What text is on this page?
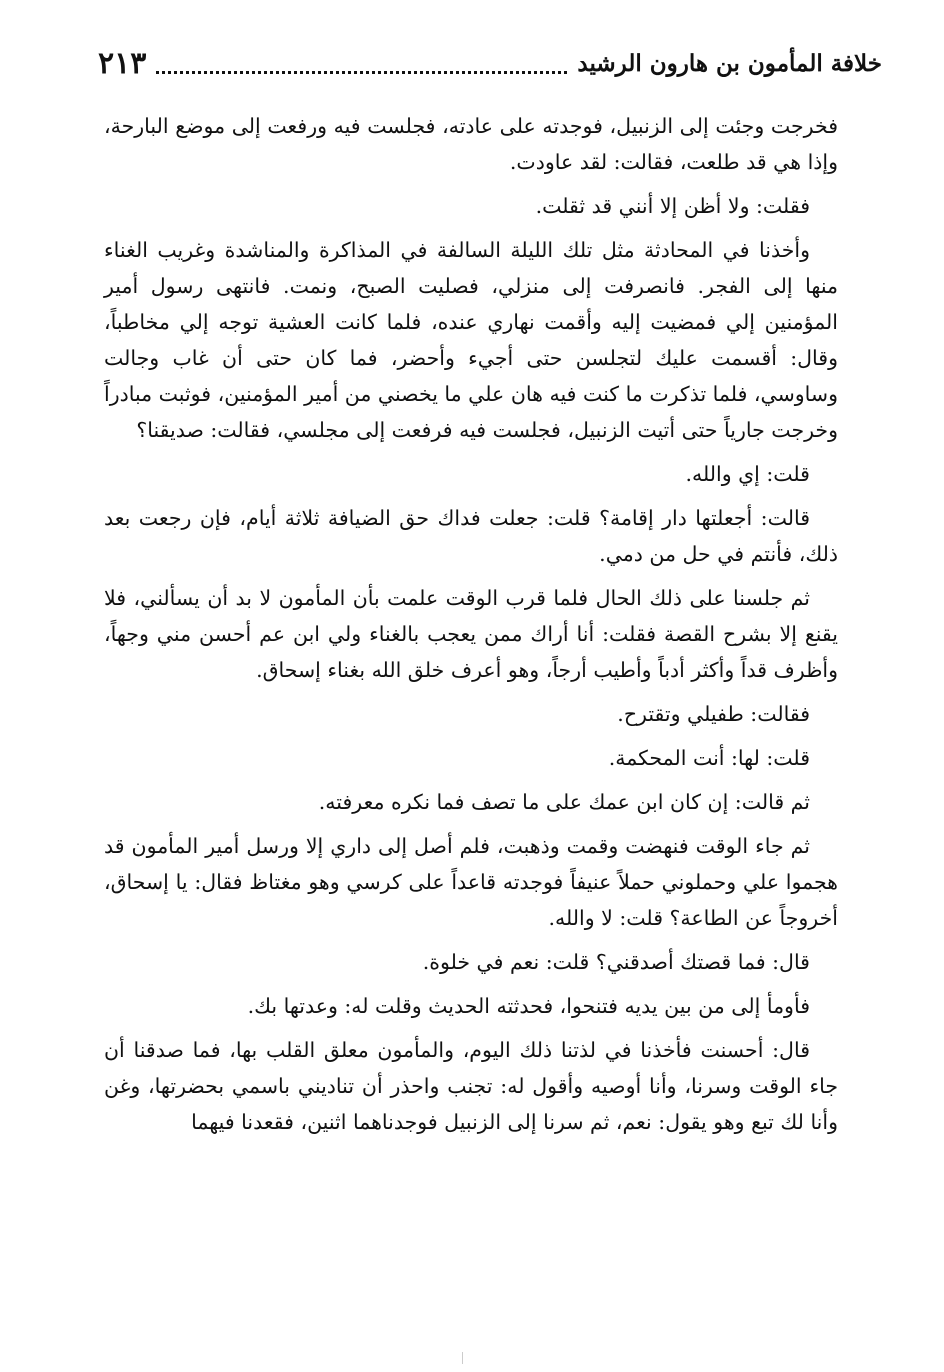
خلافة المأمون بن هارون الرشيد
٢١٣

فخرجت وجئت إلى الزنبيل، فوجدته على عادته، فجلست فيه ورفعت إلى موضع البارحة، وإذا هي قد طلعت، فقالت: لقد عاودت.

فقلت: ولا أظن إلا أنني قد ثقلت.

وأخذنا في المحادثة مثل تلك الليلة السالفة في المذاكرة والمناشدة وغريب الغناء منها إلى الفجر. فانصرفت إلى منزلي، فصليت الصبح، ونمت. فانتهى رسول أمير المؤمنين إلي فمضيت إليه وأقمت نهاري عنده، فلما كانت العشية توجه إلي مخاطباً، وقال: أقسمت عليك لتجلسن حتى أجيء وأحضر، فما كان حتى أن غاب وجالت وساوسي، فلما تذكرت ما كنت فيه هان علي ما يخصني من أمير المؤمنين، فوثبت مبادراً وخرجت جارياً حتى أتيت الزنبيل، فجلست فيه فرفعت إلى مجلسي، فقالت: صديقنا؟

قلت: إي والله.

قالت: أجعلتها دار إقامة؟ قلت: جعلت فداك حق الضيافة ثلاثة أيام، فإن رجعت بعد ذلك، فأنتم في حل من دمي.

ثم جلسنا على ذلك الحال فلما قرب الوقت علمت بأن المأمون لا بد أن يسألني، فلا يقنع إلا بشرح القصة فقلت: أنا أراك ممن يعجب بالغناء ولي ابن عم أحسن مني وجهاً، وأظرف قداً وأكثر أدباً وأطيب أرجاً، وهو أعرف خلق الله بغناء إسحاق.

فقالت: طفيلي وتقترح.

قلت: لها: أنت المحكمة.

ثم قالت: إن كان ابن عمك على ما تصف فما نكره معرفته.

ثم جاء الوقت فنهضت وقمت وذهبت، فلم أصل إلى داري إلا ورسل أمير المأمون قد هجموا علي وحملوني حملاً عنيفاً فوجدته قاعداً على كرسي وهو مغتاظ فقال: يا إسحاق، أخروجاً عن الطاعة؟ قلت: لا والله.

قال: فما قصتك أصدقني؟ قلت: نعم في خلوة.

فأومأ إلى من بين يديه فتنحوا، فحدثته الحديث وقلت له: وعدتها بك.

قال: أحسنت فأخذنا في لذتنا ذلك اليوم، والمأمون معلق القلب بها، فما صدقنا أن جاء الوقت وسرنا، وأنا أوصيه وأقول له: تجنب واحذر أن تناديني باسمي بحضرتها، وغن وأنا لك تبع وهو يقول: نعم، ثم سرنا إلى الزنبيل فوجدناهما اثنين، فقعدنا فيهما
